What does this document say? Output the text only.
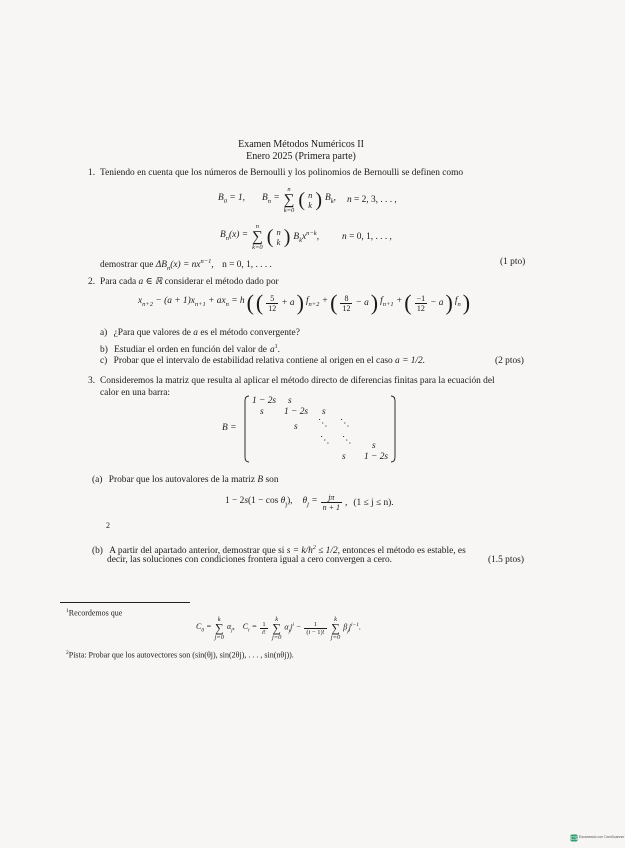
Examen Métodos Numéricos II
Enero 2025 (Primera parte)
1. Teniendo en cuenta que los números de Bernoulli y los polinomios de Bernoulli se definen como
$B_0 = 1$, $B_n$ =
n
∑
k=0 ( n
k ) $B_k$, n = 2, 3, . . . ,
$B_n(x)$ =
n
∑
k=0 ( n
k ) $B_kx^{n-k}$, n = 0, 1, . . . ,
demostrar que $\Delta B_n(x) = nx^{n-1}$, n = 0, 1, . . . .	(1 pto)
2. Para cada a ∈ ℝ considerar el método dado por
$x_{n+2} - (a + 1)x_{n+1} + ax_n = h$ ( ( $\frac{5}{12} + a$ ) $f_{n+2}$ + ( $\frac{8}{12} - a$ ) $f_{n+1}$ + ( $\frac{-1}{12} - a$ ) $f_n$ )
a) ¿Para que valores de a es el método convergente?
b) Estudiar el orden en función del valor de $a^1$.
c) Probar que el intervalo de estabilidad relativa contiene al origen en el caso a = 1/2.	(2 ptos)
3. Consideremos la matriz que resulta al aplicar el método directo de diferencias finitas para la ecuación del
calor en una barra:
B =
1 − 2s s
s 1 − 2s s
s ⋱ ⋱
⋱ ⋱ s
s 1 − 2s
(a) Probar que los autovalores de la matriz B son
$1 - 2s(1 - \cos \theta_j)$, $\theta_j = \frac{j\pi}{n + 1}$ , (1 ≤ j ≤ n).
2
(b) A partir del apartado anterior, demostrar que si $s = k/h^2 \le 1/2$, entonces el método es estable, es
decir, las soluciones con condiciones frontera igual a cero convergen a cero.	(1.5 ptos)
$^1$Recordemos que
$C_0$ =
k
∑
j=0
$\alpha_j$, $C_i = \frac{1}{i!}$
k
∑
j=0
$\alpha_jj^i - \frac{1}{(i - 1)!}$
k
∑
j=0
$\beta_jj^{i-1}$.
$^2$Pista: Probar que los autovectores son (sin(θj), sin(2θj), . . . , sin(nθj)).
CS Escaneado con CamScanner
